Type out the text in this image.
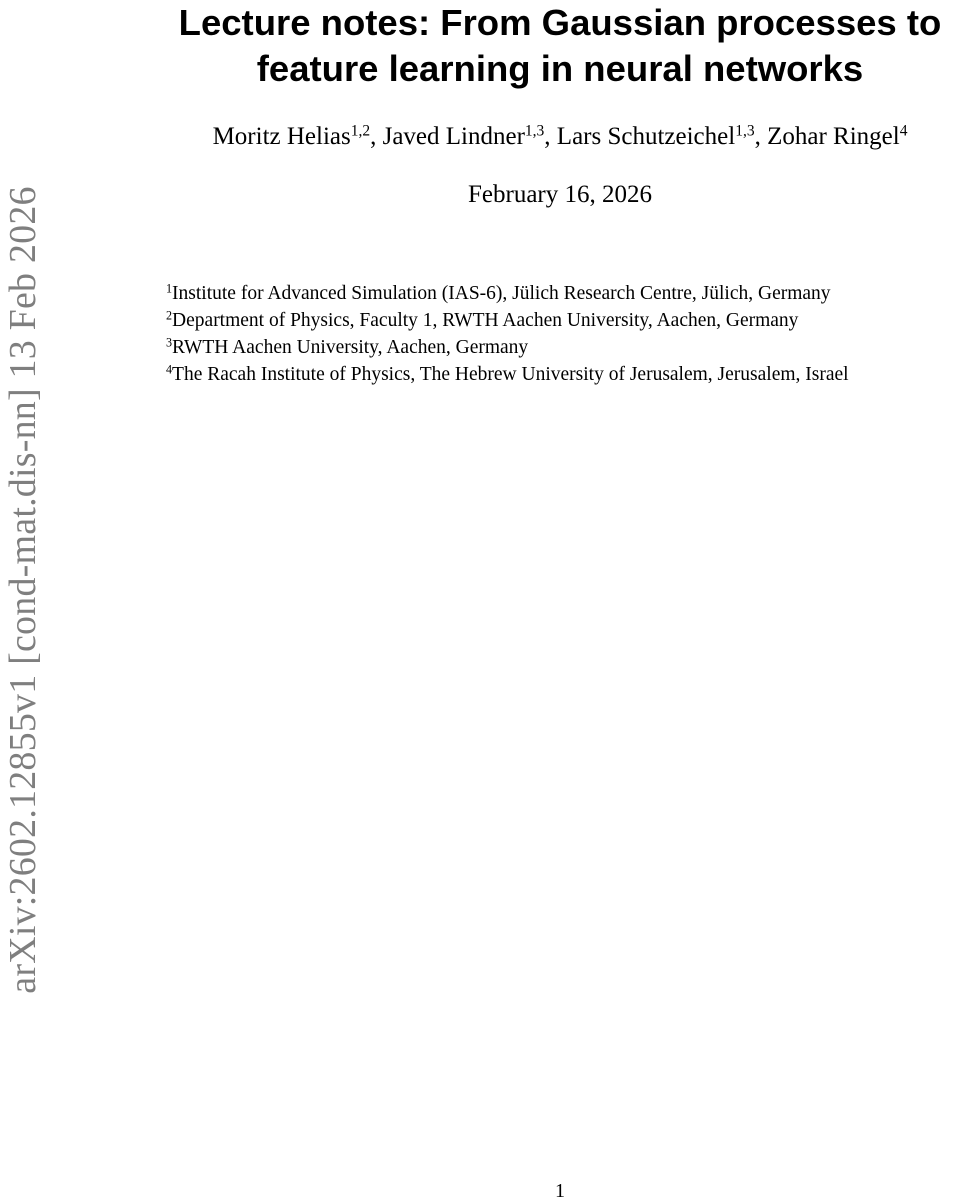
arXiv:2602.12855v1 [cond-mat.dis-nn] 13 Feb 2026
Lecture notes: From Gaussian processes to
feature learning in neural networks
Moritz Helias$^{1,2}$, Javed Lindner$^{1,3}$, Lars Schutzeichel$^{1,3}$, Zohar Ringel$^4$
February 16, 2026
$^1$Institute for Advanced Simulation (IAS-6), Jülich Research Centre, Jülich, Germany
$^2$Department of Physics, Faculty 1, RWTH Aachen University, Aachen, Germany
$^3$RWTH Aachen University, Aachen, Germany
$^4$The Racah Institute of Physics, The Hebrew University of Jerusalem, Jerusalem, Israel
1
